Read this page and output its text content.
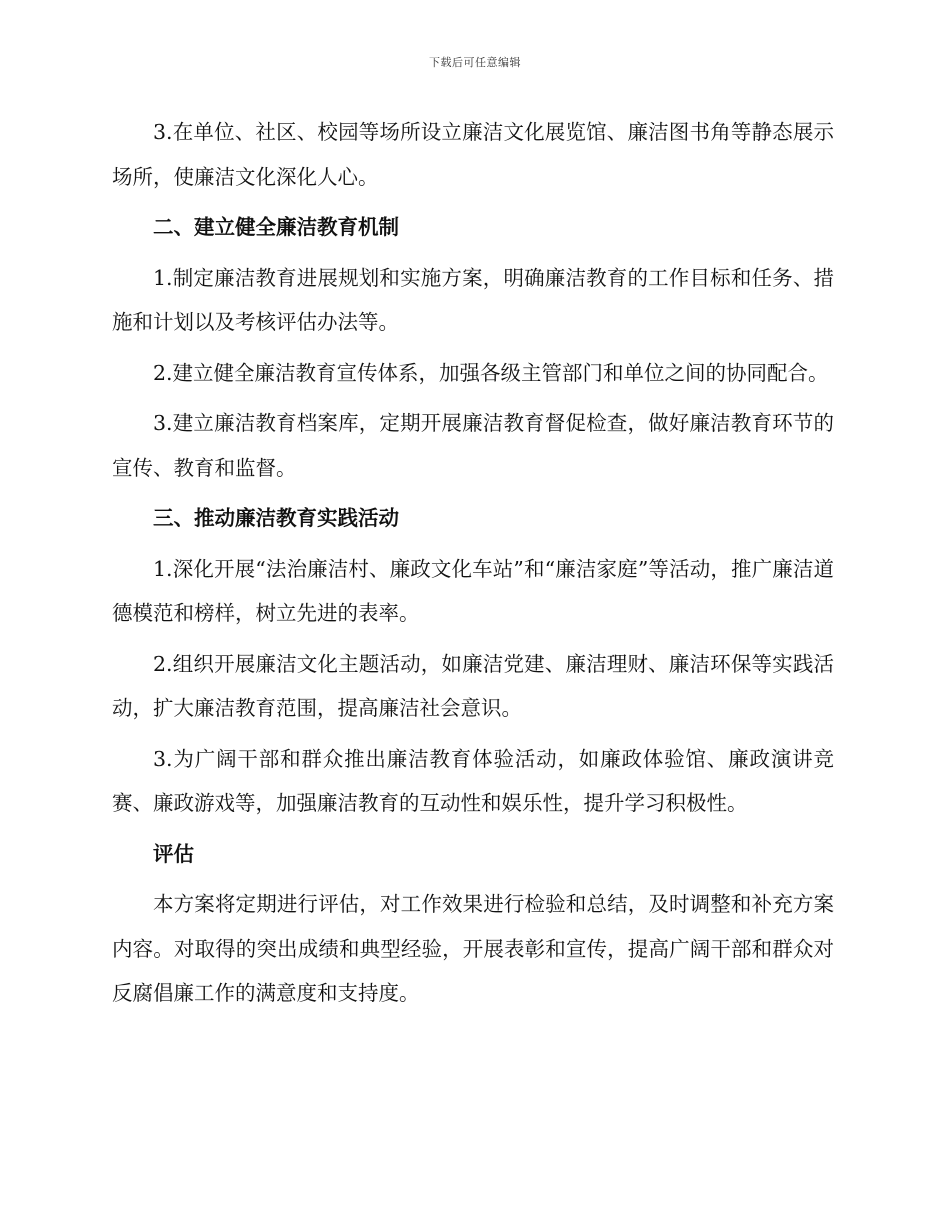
下载后可任意编辑

3.在单位、社区、校园等场所设立廉洁文化展览馆、廉洁图书角等静态展示场所，使廉洁文化深化人心。

二、建立健全廉洁教育机制

1.制定廉洁教育进展规划和实施方案，明确廉洁教育的工作目标和任务、措施和计划以及考核评估办法等。

2.建立健全廉洁教育宣传体系，加强各级主管部门和单位之间的协同配合。

3.建立廉洁教育档案库，定期开展廉洁教育督促检查，做好廉洁教育环节的宣传、教育和监督。

三、推动廉洁教育实践活动

1.深化开展“法治廉洁村、廉政文化车站”和“廉洁家庭”等活动，推广廉洁道德模范和榜样，树立先进的表率。

2.组织开展廉洁文化主题活动，如廉洁党建、廉洁理财、廉洁环保等实践活动，扩大廉洁教育范围，提高廉洁社会意识。

3.为广阔干部和群众推出廉洁教育体验活动，如廉政体验馆、廉政演讲竞赛、廉政游戏等，加强廉洁教育的互动性和娱乐性，提升学习积极性。

评估

本方案将定期进行评估，对工作效果进行检验和总结，及时调整和补充方案内容。对取得的突出成绩和典型经验，开展表彰和宣传，提高广阔干部和群众对反腐倡廉工作的满意度和支持度。
